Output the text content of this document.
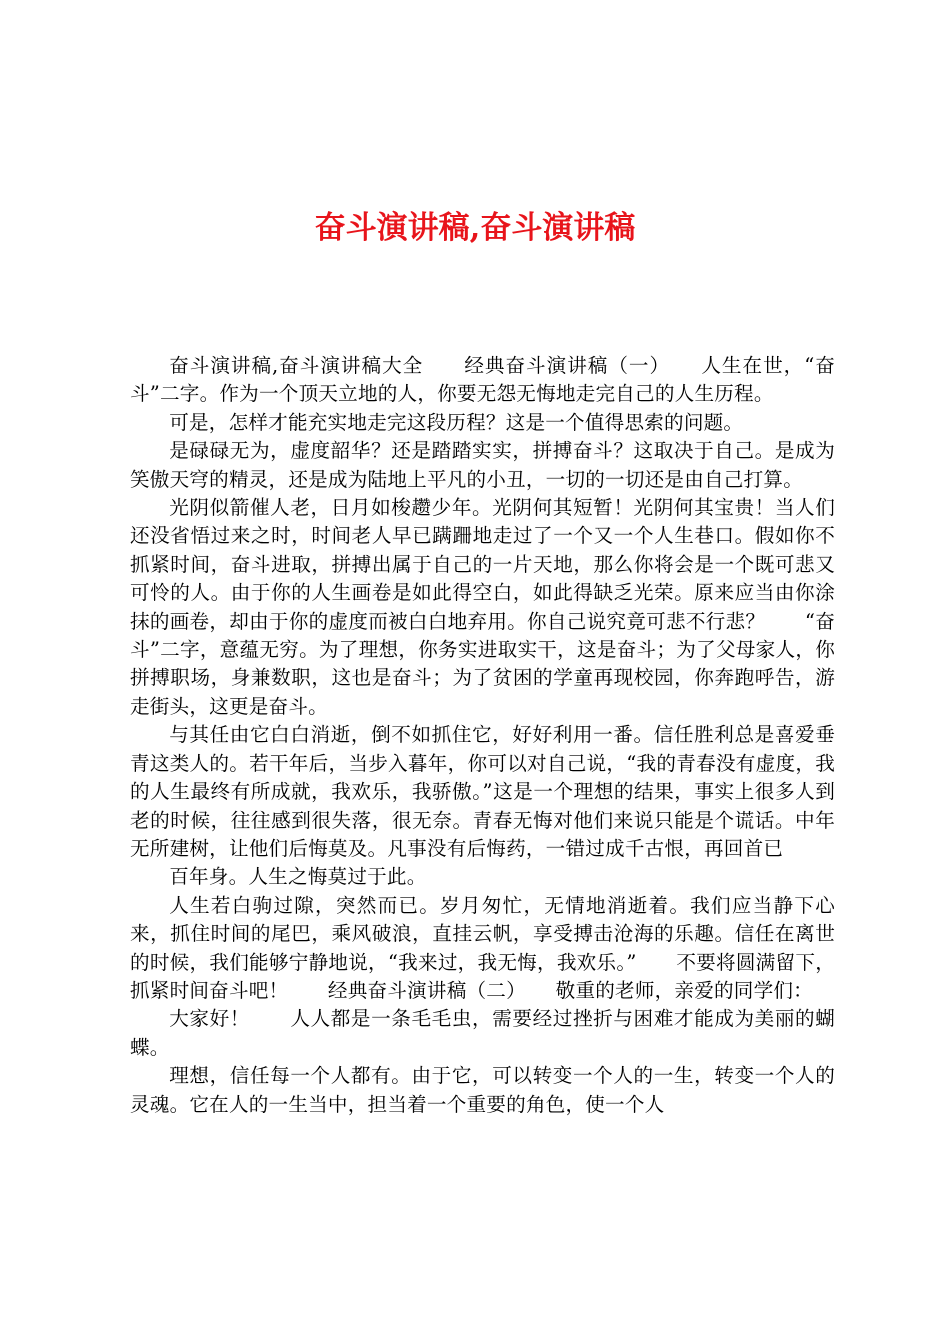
奋斗演讲稿,奋斗演讲稿

奋斗演讲稿,奋斗演讲稿大全　　经典奋斗演讲稿（一）　　人生在世，“奋斗”二字。作为一个顶天立地的人，你要无怨无悔地走完自己的人生历程。

可是，怎样才能充实地走完这段历程？这是一个值得思索的问题。

是碌碌无为，虚度韶华？还是踏踏实实，拼搏奋斗？这取决于自己。是成为笑傲天穹的精灵，还是成为陆地上平凡的小丑，一切的一切还是由自己打算。

光阴似箭催人老，日月如梭趱少年。光阴何其短暂！光阴何其宝贵！当人们还没省悟过来之时，时间老人早已蹒跚地走过了一个又一个人生巷口。假如你不抓紧时间，奋斗进取，拼搏出属于自己的一片天地，那么你将会是一个既可悲又可怜的人。由于你的人生画卷是如此得空白，如此得缺乏光荣。原来应当由你涂抹的画卷，却由于你的虚度而被白白地弃用。你自己说究竟可悲不行悲？　　“奋斗”二字，意蕴无穷。为了理想，你务实进取实干，这是奋斗；为了父母家人，你拼搏职场，身兼数职，这也是奋斗；为了贫困的学童再现校园，你奔跑呼告，游走街头，这更是奋斗。

与其任由它白白消逝，倒不如抓住它，好好利用一番。信任胜利总是喜爱垂青这类人的。若干年后，当步入暮年，你可以对自己说，“我的青春没有虚度，我的人生最终有所成就，我欢乐，我骄傲。”这是一个理想的结果，事实上很多人到老的时候，往往感到很失落，很无奈。青春无悔对他们来说只能是个谎话。中年无所建树，让他们后悔莫及。凡事没有后悔药，一错过成千古恨，再回首已

百年身。人生之悔莫过于此。

人生若白驹过隙，突然而已。岁月匆忙，无情地消逝着。我们应当静下心来，抓住时间的尾巴，乘风破浪，直挂云帆，享受搏击沧海的乐趣。信任在离世的时候，我们能够宁静地说，“我来过，我无悔，我欢乐。”　　不要将圆满留下，抓紧时间奋斗吧！　　经典奋斗演讲稿（二）　　敬重的老师，亲爱的同学们：

大家好！　　人人都是一条毛毛虫，需要经过挫折与困难才能成为美丽的蝴蝶。

理想，信任每一个人都有。由于它，可以转变一个人的一生，转变一个人的灵魂。它在人的一生当中，担当着一个重要的角色，使一个人
